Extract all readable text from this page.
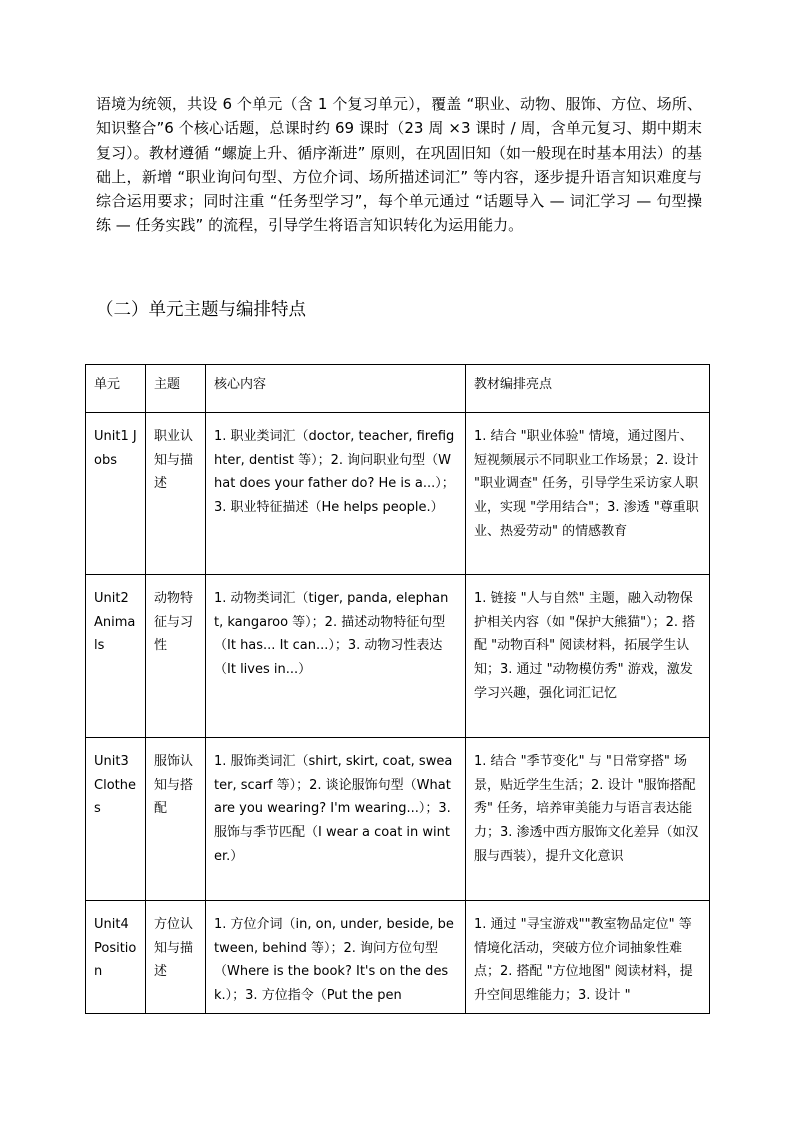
语境为统领，共设 6 个单元（含 1 个复习单元），覆盖 “职业、动物、服饰、方位、场所、知识整合”6 个核心话题，总课时约 69 课时（23 周 ×3 课时 / 周，含单元复习、期中期末复习）。教材遵循 “螺旋上升、循序渐进” 原则，在巩固旧知（如一般现在时基本用法）的基础上，新增 “职业询问句型、方位介词、场所描述词汇” 等内容，逐步提升语言知识难度与综合运用要求；同时注重 “任务型学习”，每个单元通过 “话题导入 — 词汇学习 — 句型操练 — 任务实践” 的流程，引导学生将语言知识转化为运用能力。
（二）单元主题与编排特点
单元	主题	核心内容	教材编排亮点
Unit1 Jobs	职业认知与描述	1. 职业类词汇（doctor, teacher, firefighter, dentist 等）；2. 询问职业句型（What does your father do? He is a...）；3. 职业特征描述（He helps people.）	1. 结合 "职业体验" 情境，通过图片、短视频展示不同职业工作场景；2. 设计 "职业调查" 任务，引导学生采访家人职业，实现 "学用结合"；3. 渗透 "尊重职业、热爱劳动" 的情感教育
Unit2 Animals	动物特征与习性	1. 动物类词汇（tiger, panda, elephant, kangaroo 等）；2. 描述动物特征句型（It has... It can...）；3. 动物习性表达（It lives in...）	1. 链接 "人与自然" 主题，融入动物保护相关内容（如 "保护大熊猫"）；2. 搭配 "动物百科" 阅读材料，拓展学生认知；3. 通过 "动物模仿秀" 游戏，激发学习兴趣，强化词汇记忆
Unit3 Clothes	服饰认知与搭配	1. 服饰类词汇（shirt, skirt, coat, sweater, scarf 等）；2. 谈论服饰句型（What are you wearing? I'm wearing...）；3. 服饰与季节匹配（I wear a coat in winter.）	1. 结合 "季节变化" 与 "日常穿搭" 场景，贴近学生生活；2. 设计 "服饰搭配秀" 任务，培养审美能力与语言表达能力；3. 渗透中西方服饰文化差异（如汉服与西装），提升文化意识

Unit4 Position	方位认知与描述	1. 方位介词（in, on, under, beside, between, behind 等）；2. 询问方位句型（Where is the book? It's on the desk.）；3. 方位指令（Put the pen	1. 通过 "寻宝游戏""教室物品定位" 等情境化活动，突破方位介词抽象性难点；2. 搭配 "方位地图" 阅读材料，提升空间思维能力；3. 设计 "
